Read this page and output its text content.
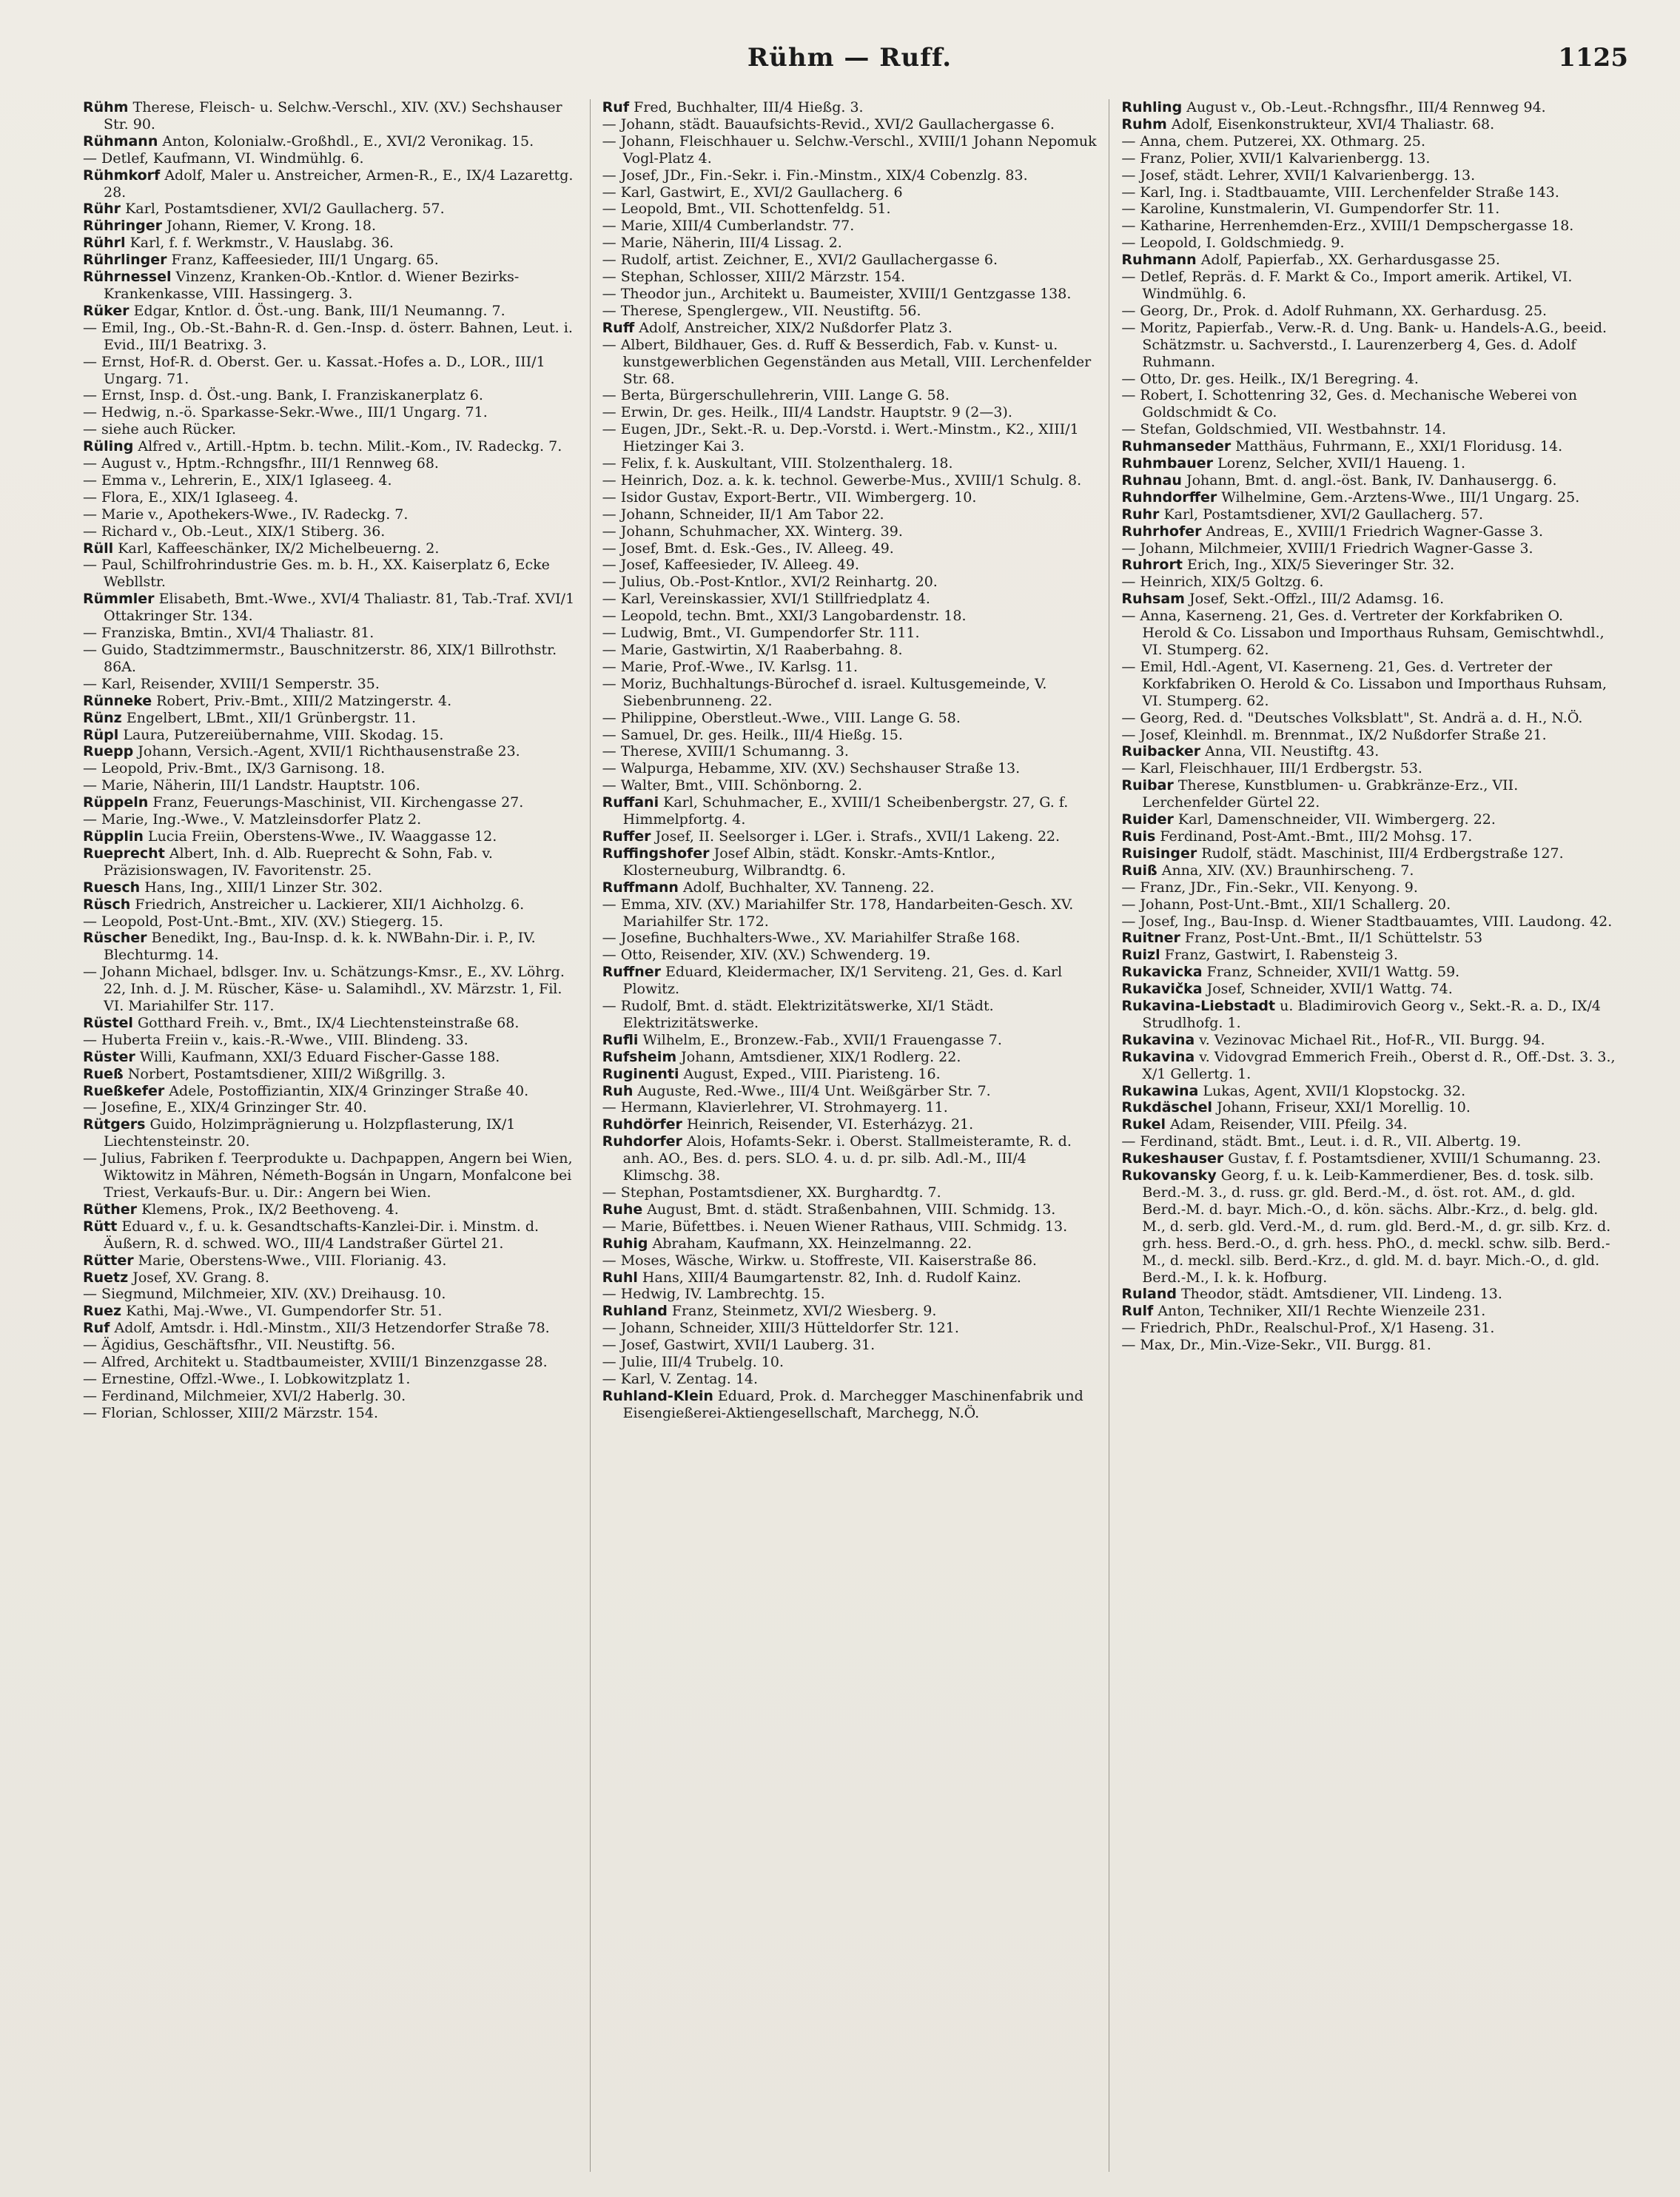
Rühm — Ruff.	1125

Rühm Therese, Fleisch- u. Selchw.-Verschl., XIV. (XV.) Sechshauser Str. 90.

Rühmann Anton, Kolonialw.-Großhdl., E., XVI/2 Veronikag. 15.

— Detlef, Kaufmann, VI. Windmühlg. 6.

Rühmkorf Adolf, Maler u. Anstreicher, Armen-R., E., IX/4 Lazarettg. 28.

Rühr Karl, Postamtsdiener, XVI/2 Gaullacherg. 57.

Rühringer Johann, Riemer, V. Krong. 18.

Rührl Karl, f. f. Werkmstr., V. Hauslabg. 36.

Rührlinger Franz, Kaffeesieder, III/1 Ungarg. 65.

Rührnessel Vinzenz, Kranken-Ob.-Kntlor. d. Wiener Bezirks-Krankenkasse, VIII. Hassingerg. 3.

Rüker Edgar, Kntlor. d. Öst.-ung. Bank, III/1 Neumanng. 7.

— Emil, Ing., Ob.-St.-Bahn-R. d. Gen.-Insp. d. österr. Bahnen, Leut. i. Evid., III/1 Beatrixg. 3.

— Ernst, Hof-R. d. Oberst. Ger. u. Kassat.-Hofes a. D., LOR., III/1 Ungarg. 71.

— Ernst, Insp. d. Öst.-ung. Bank, I. Franziskanerplatz 6.

— Hedwig, n.-ö. Sparkasse-Sekr.-Wwe., III/1 Ungarg. 71.

— siehe auch Rücker.

Rüling Alfred v., Artill.-Hptm. b. techn. Milit.-Kom., IV. Radeckg. 7.

— August v., Hptm.-Rchngsfhr., III/1 Rennweg 68.

— Emma v., Lehrerin, E., XIX/1 Iglaseeg. 4.

— Flora, E., XIX/1 Iglaseeg. 4.

— Marie v., Apothekers-Wwe., IV. Radeckg. 7.

— Richard v., Ob.-Leut., XIX/1 Stiberg. 36.

Rüll Karl, Kaffeeschänker, IX/2 Michelbeuerng. 2.

— Paul, Schilfrohrindustrie Ges. m. b. H., XX. Kaiserplatz 6, Ecke Webllstr.

Rümmler Elisabeth, Bmt.-Wwe., XVI/4 Thaliastr. 81, Tab.-Traf. XVI/1 Ottakringer Str. 134.

— Franziska, Bmtin., XVI/4 Thaliastr. 81.

— Guido, Stadtzimmermstr., Bauschnitzerstr. 86, XIX/1 Billrothstr. 86A.

— Karl, Reisender, XVIII/1 Semperstr. 35.

Rünneke Robert, Priv.-Bmt., XIII/2 Matzingerstr. 4.

Rünz Engelbert, LBmt., XII/1 Grünbergstr. 11.

Rüpl Laura, Putzereiübernahme, VIII. Skodag. 15.

Ruepp Johann, Versich.-Agent, XVII/1 Richthausenstraße 23.

— Leopold, Priv.-Bmt., IX/3 Garnisong. 18.

— Marie, Näherin, III/1 Landstr. Hauptstr. 106.

Rüppeln Franz, Feuerungs-Maschinist, VII. Kirchengasse 27.

— Marie, Ing.-Wwe., V. Matzleinsdorfer Platz 2.

Rüpplin Lucia Freiin, Oberstens-Wwe., IV. Waaggasse 12.

Rueprecht Albert, Inh. d. Alb. Rueprecht & Sohn, Fab. v. Präzisionswagen, IV. Favoritenstr. 25.

Ruesch Hans, Ing., XIII/1 Linzer Str. 302.

Rüsch Friedrich, Anstreicher u. Lackierer, XII/1 Aichholzg. 6.

— Leopold, Post-Unt.-Bmt., XIV. (XV.) Stiegerg. 15.

Rüscher Benedikt, Ing., Bau-Insp. d. k. k. NWBahn-Dir. i. P., IV. Blechturmg. 14.

— Johann Michael, bdlsger. Inv. u. Schätzungs-Kmsr., E., XV. Löhrg. 22, Inh. d. J. M. Rüscher, Käse- u. Salamihdl., XV. Märzstr. 1, Fil. VI. Mariahilfer Str. 117.

Rüstel Gotthard Freih. v., Bmt., IX/4 Liechtensteinstraße 68.

— Huberta Freiin v., kais.-R.-Wwe., VIII. Blindeng. 33.

Rüster Willi, Kaufmann, XXI/3 Eduard Fischer-Gasse 188.

Rueß Norbert, Postamtsdiener, XIII/2 Wißgrillg. 3.

Rueßkefer Adele, Postoffiziantin, XIX/4 Grinzinger Straße 40.

— Josefine, E., XIX/4 Grinzinger Str. 40.

Rütgers Guido, Holzimprägnierung u. Holzpflasterung, IX/1 Liechtensteinstr. 20.

— Julius, Fabriken f. Teerprodukte u. Dachpappen, Angern bei Wien, Wiktowitz in Mähren, Németh-Bogsán in Ungarn, Monfalcone bei Triest, Verkaufs-Bur. u. Dir.: Angern bei Wien.

Rüther Klemens, Prok., IX/2 Beethoveng. 4.

Rütt Eduard v., f. u. k. Gesandtschafts-Kanzlei-Dir. i. Minstm. d. Äußern, R. d. schwed. WO., III/4 Landstraßer Gürtel 21.

Rütter Marie, Oberstens-Wwe., VIII. Florianig. 43.

Ruetz Josef, XV. Grang. 8.

— Siegmund, Milchmeier, XIV. (XV.) Dreihausg. 10.

Ruez Kathi, Maj.-Wwe., VI. Gumpendorfer Str. 51.

Ruf Adolf, Amtsdr. i. Hdl.-Minstm., XII/3 Hetzendorfer Straße 78.

— Ägidius, Geschäftsfhr., VII. Neustiftg. 56.

— Alfred, Architekt u. Stadtbaumeister, XVIII/1 Binzenzgasse 28.

— Ernestine, Offzl.-Wwe., I. Lobkowitzplatz 1.

— Ferdinand, Milchmeier, XVI/2 Haberlg. 30.

— Florian, Schlosser, XIII/2 Märzstr. 154.

Ruf Fred, Buchhalter, III/4 Hießg. 3.

— Johann, städt. Bauaufsichts-Revid., XVI/2 Gaullachergasse 6.

— Johann, Fleischhauer u. Selchw.-Verschl., XVIII/1 Johann Nepomuk Vogl-Platz 4.

— Josef, JDr., Fin.-Sekr. i. Fin.-Minstm., XIX/4 Cobenzlg. 83.

— Karl, Gastwirt, E., XVI/2 Gaullacherg. 6

— Leopold, Bmt., VII. Schottenfeldg. 51.

— Marie, XIII/4 Cumberlandstr. 77.

— Marie, Näherin, III/4 Lissag. 2.

— Rudolf, artist. Zeichner, E., XVI/2 Gaullachergasse 6.

— Stephan, Schlosser, XIII/2 Märzstr. 154.

— Theodor jun., Architekt u. Baumeister, XVIII/1 Gentzgasse 138.

— Therese, Spenglergew., VII. Neustiftg. 56.

Ruff Adolf, Anstreicher, XIX/2 Nußdorfer Platz 3.

— Albert, Bildhauer, Ges. d. Ruff & Besserdich, Fab. v. Kunst- u. kunstgewerblichen Gegenständen aus Metall, VIII. Lerchenfelder Str. 68.

— Berta, Bürgerschullehrerin, VIII. Lange G. 58.

— Erwin, Dr. ges. Heilk., III/4 Landstr. Hauptstr. 9 (2—3).

— Eugen, JDr., Sekt.-R. u. Dep.-Vorstd. i. Wert.-Minstm., K2., XIII/1 Hietzinger Kai 3.

— Felix, f. k. Auskultant, VIII. Stolzenthalerg. 18.

— Heinrich, Doz. a. k. k. technol. Gewerbe-Mus., XVIII/1 Schulg. 8.

— Isidor Gustav, Export-Bertr., VII. Wimbergerg. 10.

— Johann, Schneider, II/1 Am Tabor 22.

— Johann, Schuhmacher, XX. Winterg. 39.

— Josef, Bmt. d. Esk.-Ges., IV. Alleeg. 49.

— Josef, Kaffeesieder, IV. Alleeg. 49.

— Julius, Ob.-Post-Kntlor., XVI/2 Reinhartg. 20.

— Karl, Vereinskassier, XVI/1 Stillfriedplatz 4.

— Leopold, techn. Bmt., XXI/3 Langobardenstr. 18.

— Ludwig, Bmt., VI. Gumpendorfer Str. 111.

— Marie, Gastwirtin, X/1 Raaberbahng. 8.

— Marie, Prof.-Wwe., IV. Karlsg. 11.

— Moriz, Buchhaltungs-Bürochef d. israel. Kultusgemeinde, V. Siebenbrunneng. 22.

— Philippine, Oberstleut.-Wwe., VIII. Lange G. 58.

— Samuel, Dr. ges. Heilk., III/4 Hießg. 15.

— Therese, XVIII/1 Schumanng. 3.

— Walpurga, Hebamme, XIV. (XV.) Sechshauser Straße 13.

— Walter, Bmt., VIII. Schönborng. 2.

Ruffani Karl, Schuhmacher, E., XVIII/1 Scheibenbergstr. 27, G. f. Himmelpfortg. 4.

Ruffer Josef, II. Seelsorger i. LGer. i. Strafs., XVII/1 Lakeng. 22.

Ruffingshofer Josef Albin, städt. Konskr.-Amts-Kntlor., Klosterneuburg, Wilbrandtg. 6.

Ruffmann Adolf, Buchhalter, XV. Tanneng. 22.

— Emma, XIV. (XV.) Mariahilfer Str. 178, Handarbeiten-Gesch. XV. Mariahilfer Str. 172.

— Josefine, Buchhalters-Wwe., XV. Mariahilfer Straße 168.

— Otto, Reisender, XIV. (XV.) Schwenderg. 19.

Ruffner Eduard, Kleidermacher, IX/1 Serviteng. 21, Ges. d. Karl Plowitz.

— Rudolf, Bmt. d. städt. Elektrizitätswerke, XI/1 Städt. Elektrizitätswerke.

Rufli Wilhelm, E., Bronzew.-Fab., XVII/1 Frauengasse 7.

Rufsheim Johann, Amtsdiener, XIX/1 Rodlerg. 22.

Ruginenti August, Exped., VIII. Piaristeng. 16.

Ruh Auguste, Red.-Wwe., III/4 Unt. Weißgärber Str. 7.

— Hermann, Klavierlehrer, VI. Strohmayerg. 11.

Ruhdörfer Heinrich, Reisender, VI. Esterházyg. 21.

Ruhdorfer Alois, Hofamts-Sekr. i. Oberst. Stallmeisteramte, R. d. anh. AO., Bes. d. pers. SLO. 4. u. d. pr. silb. Adl.-M., III/4 Klimschg. 38.

— Stephan, Postamtsdiener, XX. Burghardtg. 7.

Ruhe August, Bmt. d. städt. Straßenbahnen, VIII. Schmidg. 13.

— Marie, Büfettbes. i. Neuen Wiener Rathaus, VIII. Schmidg. 13.

Ruhig Abraham, Kaufmann, XX. Heinzelmanng. 22.

— Moses, Wäsche, Wirkw. u. Stoffreste, VII. Kaiserstraße 86.

Ruhl Hans, XIII/4 Baumgartenstr. 82, Inh. d. Rudolf Kainz.

— Hedwig, IV. Lambrechtg. 15.

Ruhland Franz, Steinmetz, XVI/2 Wiesberg. 9.

— Johann, Schneider, XIII/3 Hütteldorfer Str. 121.

— Josef, Gastwirt, XVII/1 Lauberg. 31.

— Julie, III/4 Trubelg. 10.

— Karl, V. Zentag. 14.

Ruhland-Klein Eduard, Prok. d. Marchegger Maschinenfabrik und Eisengießerei-Aktiengesellschaft, Marchegg, N.Ö.

Ruhling August v., Ob.-Leut.-Rchngsfhr., III/4 Rennweg 94.

Ruhm Adolf, Eisenkonstrukteur, XVI/4 Thaliastr. 68.

— Anna, chem. Putzerei, XX. Othmarg. 25.

— Franz, Polier, XVII/1 Kalvarienbergg. 13.

— Josef, städt. Lehrer, XVII/1 Kalvarienbergg. 13.

— Karl, Ing. i. Stadtbauamte, VIII. Lerchenfelder Straße 143.

— Karoline, Kunstmalerin, VI. Gumpendorfer Str. 11.

— Katharine, Herrenhemden-Erz., XVIII/1 Dempschergasse 18.

— Leopold, I. Goldschmiedg. 9.

Ruhmann Adolf, Papierfab., XX. Gerhardusgasse 25.

— Detlef, Repräs. d. F. Markt & Co., Import amerik. Artikel, VI. Windmühlg. 6.

— Georg, Dr., Prok. d. Adolf Ruhmann, XX. Gerhardusg. 25.

— Moritz, Papierfab., Verw.-R. d. Ung. Bank- u. Handels-A.G., beeid. Schätzmstr. u. Sachverstd., I. Laurenzerberg 4, Ges. d. Adolf Ruhmann.

— Otto, Dr. ges. Heilk., IX/1 Beregring. 4.

— Robert, I. Schottenring 32, Ges. d. Mechanische Weberei von Goldschmidt & Co.

— Stefan, Goldschmied, VII. Westbahnstr. 14.

Ruhmanseder Matthäus, Fuhrmann, E., XXI/1 Floridusg. 14.

Ruhmbauer Lorenz, Selcher, XVII/1 Haueng. 1.

Ruhnau Johann, Bmt. d. angl.-öst. Bank, IV. Danhausergg. 6.

Ruhndorffer Wilhelmine, Gem.-Arztens-Wwe., III/1 Ungarg. 25.

Ruhr Karl, Postamtsdiener, XVI/2 Gaullacherg. 57.

Ruhrhofer Andreas, E., XVIII/1 Friedrich Wagner-Gasse 3.

— Johann, Milchmeier, XVIII/1 Friedrich Wagner-Gasse 3.

Ruhrort Erich, Ing., XIX/5 Sieveringer Str. 32.

— Heinrich, XIX/5 Goltzg. 6.

Ruhsam Josef, Sekt.-Offzl., III/2 Adamsg. 16.

— Anna, Kaserneng. 21, Ges. d. Vertreter der Korkfabriken O. Herold & Co. Lissabon und Importhaus Ruhsam, Gemischtwhdl., VI. Stumperg. 62.

— Emil, Hdl.-Agent, VI. Kaserneng. 21, Ges. d. Vertreter der Korkfabriken O. Herold & Co. Lissabon und Importhaus Ruhsam, VI. Stumperg. 62.

— Georg, Red. d. "Deutsches Volksblatt", St. Andrä a. d. H., N.Ö.

— Josef, Kleinhdl. m. Brennmat., IX/2 Nußdorfer Straße 21.

Ruibacker Anna, VII. Neustiftg. 43.

— Karl, Fleischhauer, III/1 Erdbergstr. 53.

Ruibar Therese, Kunstblumen- u. Grabkränze-Erz., VII. Lerchenfelder Gürtel 22.

Ruider Karl, Damenschneider, VII. Wimbergerg. 22.

Ruis Ferdinand, Post-Amt.-Bmt., III/2 Mohsg. 17.

Ruisinger Rudolf, städt. Maschinist, III/4 Erdbergstraße 127.

Ruiß Anna, XIV. (XV.) Braunhirscheng. 7.

— Franz, JDr., Fin.-Sekr., VII. Kenyong. 9.

— Johann, Post-Unt.-Bmt., XII/1 Schallerg. 20.

— Josef, Ing., Bau-Insp. d. Wiener Stadtbauamtes, VIII. Laudong. 42.

Ruitner Franz, Post-Unt.-Bmt., II/1 Schüttelstr. 53

Ruizl Franz, Gastwirt, I. Rabensteig 3.

Rukavicka Franz, Schneider, XVII/1 Wattg. 59.

Rukavička Josef, Schneider, XVII/1 Wattg. 74.

Rukavina-Liebstadt u. Bladimirovich Georg v., Sekt.-R. a. D., IX/4 Strudlhofg. 1.

Rukavina v. Vezinovac Michael Rit., Hof-R., VII. Burgg. 94.

Rukavina v. Vidovgrad Emmerich Freih., Oberst d. R., Off.-Dst. 3. 3., X/1 Gellertg. 1.

Rukawina Lukas, Agent, XVII/1 Klopstockg. 32.

Rukdäschel Johann, Friseur, XXI/1 Morellig. 10.

Rukel Adam, Reisender, VIII. Pfeilg. 34.

— Ferdinand, städt. Bmt., Leut. i. d. R., VII. Albertg. 19.

Rukeshauser Gustav, f. f. Postamtsdiener, XVIII/1 Schumanng. 23.

Rukovansky Georg, f. u. k. Leib-Kammerdiener, Bes. d. tosk. silb. Berd.-M. 3., d. russ. gr. gld. Berd.-M., d. öst. rot. AM., d. gld. Berd.-M. d. bayr. Mich.-O., d. kön. sächs. Albr.-Krz., d. belg. gld. M., d. serb. gld. Verd.-M., d. rum. gld. Berd.-M., d. gr. silb. Krz. d. grh. hess. Berd.-O., d. grh. hess. PhO., d. meckl. schw. silb. Berd.-M., d. meckl. silb. Berd.-Krz., d. gld. M. d. bayr. Mich.-O., d. gld. Berd.-M., I. k. k. Hofburg.

Ruland Theodor, städt. Amtsdiener, VII. Lindeng. 13.

Rulf Anton, Techniker, XII/1 Rechte Wienzeile 231.

— Friedrich, PhDr., Realschul-Prof., X/1 Haseng. 31.

— Max, Dr., Min.-Vize-Sekr., VII. Burgg. 81.
